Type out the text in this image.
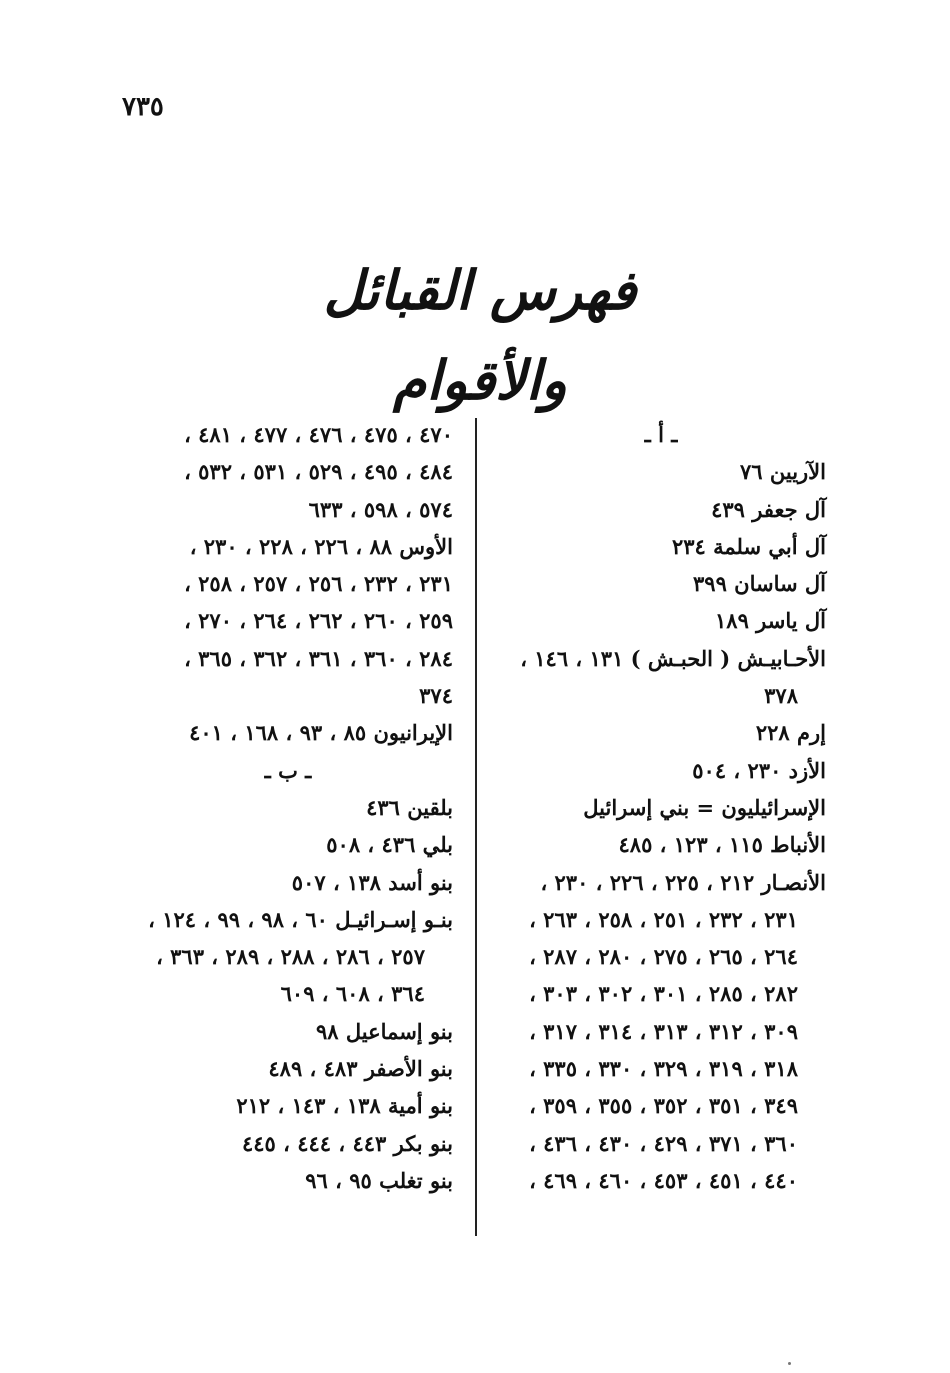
٧٣٥
فهرس القبائل والأقوام
ـ أ ـ
الآريين ٧٦
آل جعفر ٤٣٩
آل أبي سلمة ٢٣٤
آل ساسان ٣٩٩
آل ياسر ١٨٩
الأحـابيـش ( الحبـش ) ١٣١ ، ١٤٦ ،
٣٧٨
إرم ٢٢٨
الأزد ٢٣٠ ، ٥٠٤
الإسرائيليون = بني إسرائيل
الأنباط ١١٥ ، ١٢٣ ، ٤٨٥
الأنصـار ٢١٢ ، ٢٢٥ ، ٢٢٦ ، ٢٣٠ ،
٢٣١ ، ٢٣٢ ، ٢٥١ ، ٢٥٨ ، ٢٦٣ ،
٢٦٤ ، ٢٦٥ ، ٢٧٥ ، ٢٨٠ ، ٢٨٧ ،
٢٨٢ ، ٢٨٥ ، ٣٠١ ، ٣٠٢ ، ٣٠٣ ،
٣٠٩ ، ٣١٢ ، ٣١٣ ، ٣١٤ ، ٣١٧ ،
٣١٨ ، ٣١٩ ، ٣٢٩ ، ٣٣٠ ، ٣٣٥ ،
٣٤٩ ، ٣٥١ ، ٣٥٢ ، ٣٥٥ ، ٣٥٩ ،
٣٦٠ ، ٣٧١ ، ٤٢٩ ، ٤٣٠ ، ٤٣٦ ،
٤٤٠ ، ٤٥١ ، ٤٥٣ ، ٤٦٠ ، ٤٦٩ ،
٤٧٠ ، ٤٧٥ ، ٤٧٦ ، ٤٧٧ ، ٤٨١ ،
٤٨٤ ، ٤٩٥ ، ٥٢٩ ، ٥٣١ ، ٥٣٢ ،
٥٧٤ ، ٥٩٨ ، ٦٣٣
الأوس ٨٨ ، ٢٢٦ ، ٢٢٨ ، ٢٣٠ ،
٢٣١ ، ٢٣٢ ، ٢٥٦ ، ٢٥٧ ، ٢٥٨ ،
٢٥٩ ، ٢٦٠ ، ٢٦٢ ، ٢٦٤ ، ٢٧٠ ،
٢٨٤ ، ٣٦٠ ، ٣٦١ ، ٣٦٢ ، ٣٦٥ ،
٣٧٤
الإيرانيون ٨٥ ، ٩٣ ، ١٦٨ ، ٤٠١
ـ ب ـ
بلقين ٤٣٦
بلي ٤٣٦ ، ٥٠٨
بنو أسد ١٣٨ ، ٥٠٧
بنـو إسـرائيـل ٦٠ ، ٩٨ ، ٩٩ ، ١٢٤ ،
٢٥٧ ، ٢٨٦ ، ٢٨٨ ، ٢٨٩ ، ٣٦٣ ،
٣٦٤ ، ٦٠٨ ، ٦٠٩
بنو إسماعيل ٩٨
بنو الأصفر ٤٨٣ ، ٤٨٩
بنو أمية ١٣٨ ، ١٤٣ ، ٢١٢
بنو بكر ٤٤٣ ، ٤٤٤ ، ٤٤٥
بنو تغلب ٩٥ ، ٩٦
